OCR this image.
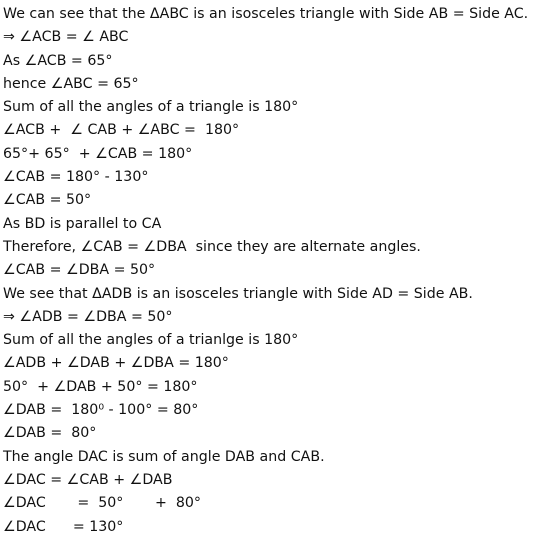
We can see that the ΔABC is an isosceles triangle with Side AB = Side AC.
⇒ ∠ACB = ∠ ABC
As ∠ACB = 65°
hence ∠ABC = 65°
Sum of all the angles of a triangle is 180°
∠ACB +  ∠ CAB + ∠ABC =  180°
65°+ 65°  + ∠CAB = 180°
∠CAB = 180° - 130°
∠CAB = 50°
As BD is parallel to CA
Therefore, ∠CAB = ∠DBA  since they are alternate angles.
∠CAB = ∠DBA = 50°
We see that ΔADB is an isosceles triangle with Side AD = Side AB.
⇒ ∠ADB = ∠DBA = 50°
Sum of all the angles of a trianlge is 180°
∠ADB + ∠DAB + ∠DBA = 180°
50°  + ∠DAB + 50° = 180°
∠DAB =  180⁰ - 100° = 80°
∠DAB =  80°
The angle DAC is sum of angle DAB and CAB.
∠DAC = ∠CAB + ∠DAB
∠DAC       =  50°       +  80°
∠DAC      = 130°
